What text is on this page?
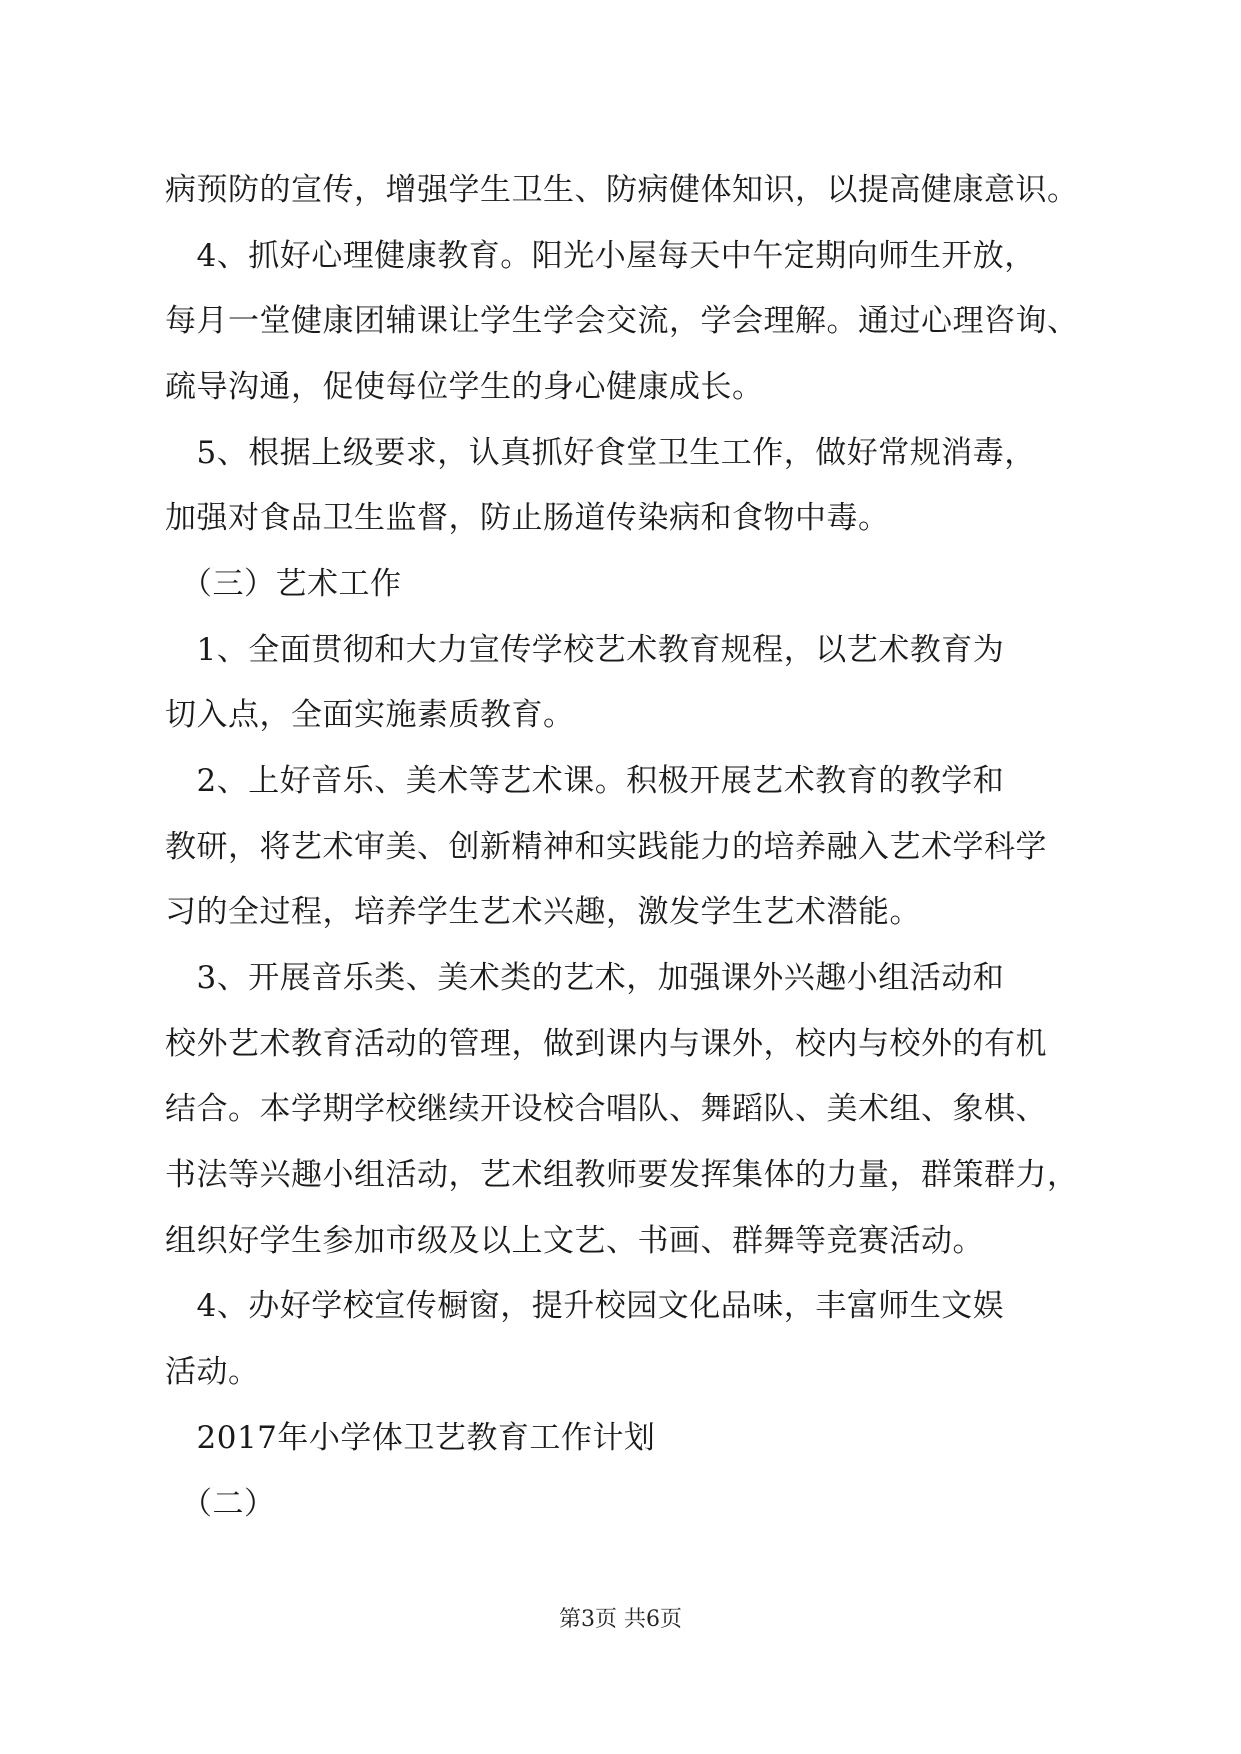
病预防的宣传，增强学生卫生、防病健体知识，以提高健康意识。
　4、抓好心理健康教育。阳光小屋每天中午定期向师生开放，
每月一堂健康团辅课让学生学会交流，学会理解。通过心理咨询、
疏导沟通，促使每位学生的身心健康成长。
　5、根据上级要求，认真抓好食堂卫生工作，做好常规消毒，
加强对食品卫生监督，防止肠道传染病和食物中毒。
　（三）艺术工作
　1、全面贯彻和大力宣传学校艺术教育规程，以艺术教育为
切入点，全面实施素质教育。
　2、上好音乐、美术等艺术课。积极开展艺术教育的教学和
教研，将艺术审美、创新精神和实践能力的培养融入艺术学科学
习的全过程，培养学生艺术兴趣，激发学生艺术潜能。
　3、开展音乐类、美术类的艺术，加强课外兴趣小组活动和
校外艺术教育活动的管理，做到课内与课外，校内与校外的有机
结合。本学期学校继续开设校合唱队、舞蹈队、美术组、象棋、
书法等兴趣小组活动，艺术组教师要发挥集体的力量，群策群力，
组织好学生参加市级及以上文艺、书画、群舞等竞赛活动。
　4、办好学校宣传橱窗，提升校园文化品味，丰富师生文娱
活动。
第3页 共6页
　2017年小学体卫艺教育工作计划
　（二）
